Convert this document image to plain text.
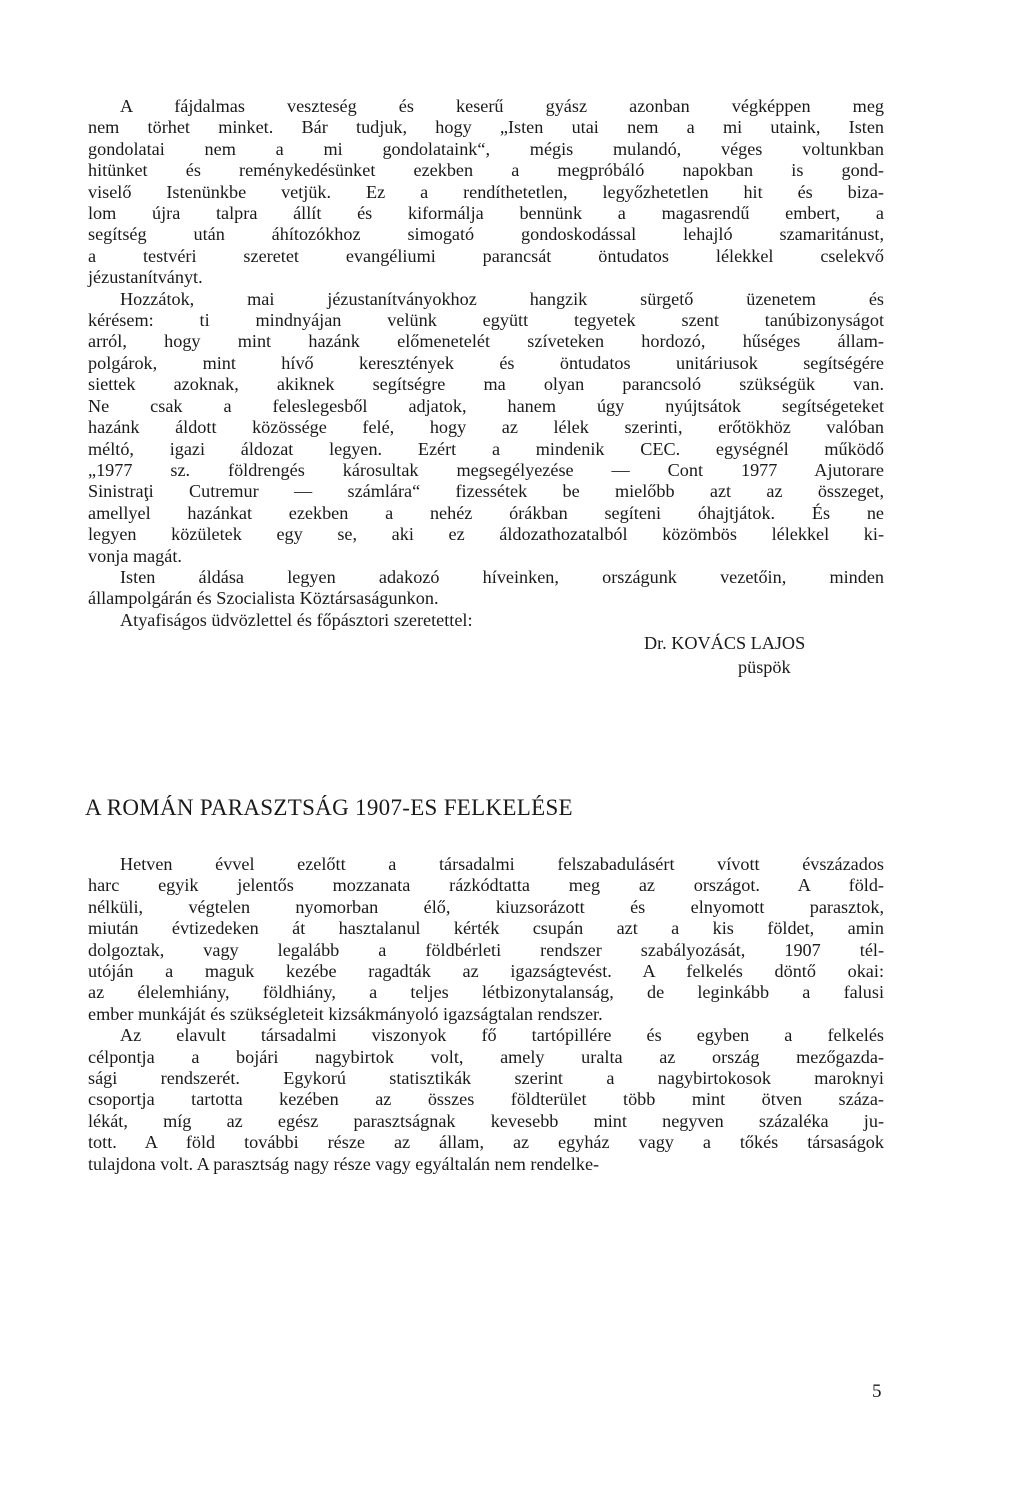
A fájdalmas veszteség és keserű gyász azonban végképpen meg
nem törhet minket. Bár tudjuk, hogy „Isten utai nem a mi utaink, Isten
gondolatai nem a mi gondolataink“, mégis mulandó, véges voltunkban
hitünket és reménykedésünket ezekben a megpróbáló napokban is gond-
viselő Istenünkbe vetjük. Ez a rendíthetetlen, legyőzhetetlen hit és biza-
lom újra talpra állít és kiformálja bennünk a magasrendű embert, a
segítség után áhítozókhoz simogató gondoskodással lehajló szamaritánust,
a testvéri szeretet evangéliumi parancsát öntudatos lélekkel cselekvő
jézustanítványt.

Hozzátok, mai jézustanítványokhoz hangzik sürgető üzenetem és
kérésem: ti mindnyájan velünk együtt tegyetek szent tanúbizonyságot
arról, hogy mint hazánk előmenetelét szíveteken hordozó, hűséges állam-
polgárok, mint hívő keresztények és öntudatos unitáriusok segítségére
siettek azoknak, akiknek segítségre ma olyan parancsoló szükségük van.
Ne csak a feleslegesből adjatok, hanem úgy nyújtsátok segítségeteket
hazánk áldott közössége felé, hogy az lélek szerinti, erőtökhöz valóban
méltó, igazi áldozat legyen. Ezért a mindenik CEC. egységnél működő
„1977 sz. földrengés károsultak megsegélyezése — Cont 1977 Ajutorare
Sinistraţi Cutremur — számlára“ fizessétek be mielőbb azt az összeget,
amellyel hazánkat ezekben a nehéz órákban segíteni óhajtjátok. És ne
legyen közületek egy se, aki ez áldozathozatalból közömbös lélekkel ki-
vonja magát.

Isten áldása legyen adakozó híveinken, országunk vezetőin, minden
állampolgárán és Szocialista Köztársaságunkon.

Atyafiságos üdvözlettel és főpásztori szeretettel:

Dr. KOVÁCS LAJOS
püspök
A ROMÁN PARASZTSÁG 1907-ES FELKELÉSE

Hetven évvel ezelőtt a társadalmi felszabadulásért vívott évszázados
harc egyik jelentős mozzanata rázkódtatta meg az országot. A föld-
nélküli, végtelen nyomorban élő, kiuzsorázott és elnyomott parasztok,
miután évtizedeken át hasztalanul kérték csupán azt a kis földet, amin
dolgoztak, vagy legalább a földbérleti rendszer szabályozását, 1907 tél-
utóján a maguk kezébe ragadták az igazságtevést. A felkelés döntő okai:
az élelemhiány, földhiány, a teljes létbizonytalanság, de leginkább a falusi
ember munkáját és szükségleteit kizsákmányoló igazságtalan rendszer.

Az elavult társadalmi viszonyok fő tartópillére és egyben a felkelés
célpontja a bojári nagybirtok volt, amely uralta az ország mezőgazda-
sági rendszerét. Egykorú statisztikák szerint a nagybirtokosok maroknyi
csoportja tartotta kezében az összes földterület több mint ötven száza-
lékát, míg az egész parasztságnak kevesebb mint negyven százaléka ju-
tott. A föld további része az állam, az egyház vagy a tőkés társaságok
tulajdona volt. A parasztság nagy része vagy egyáltalán nem rendelke-

5
